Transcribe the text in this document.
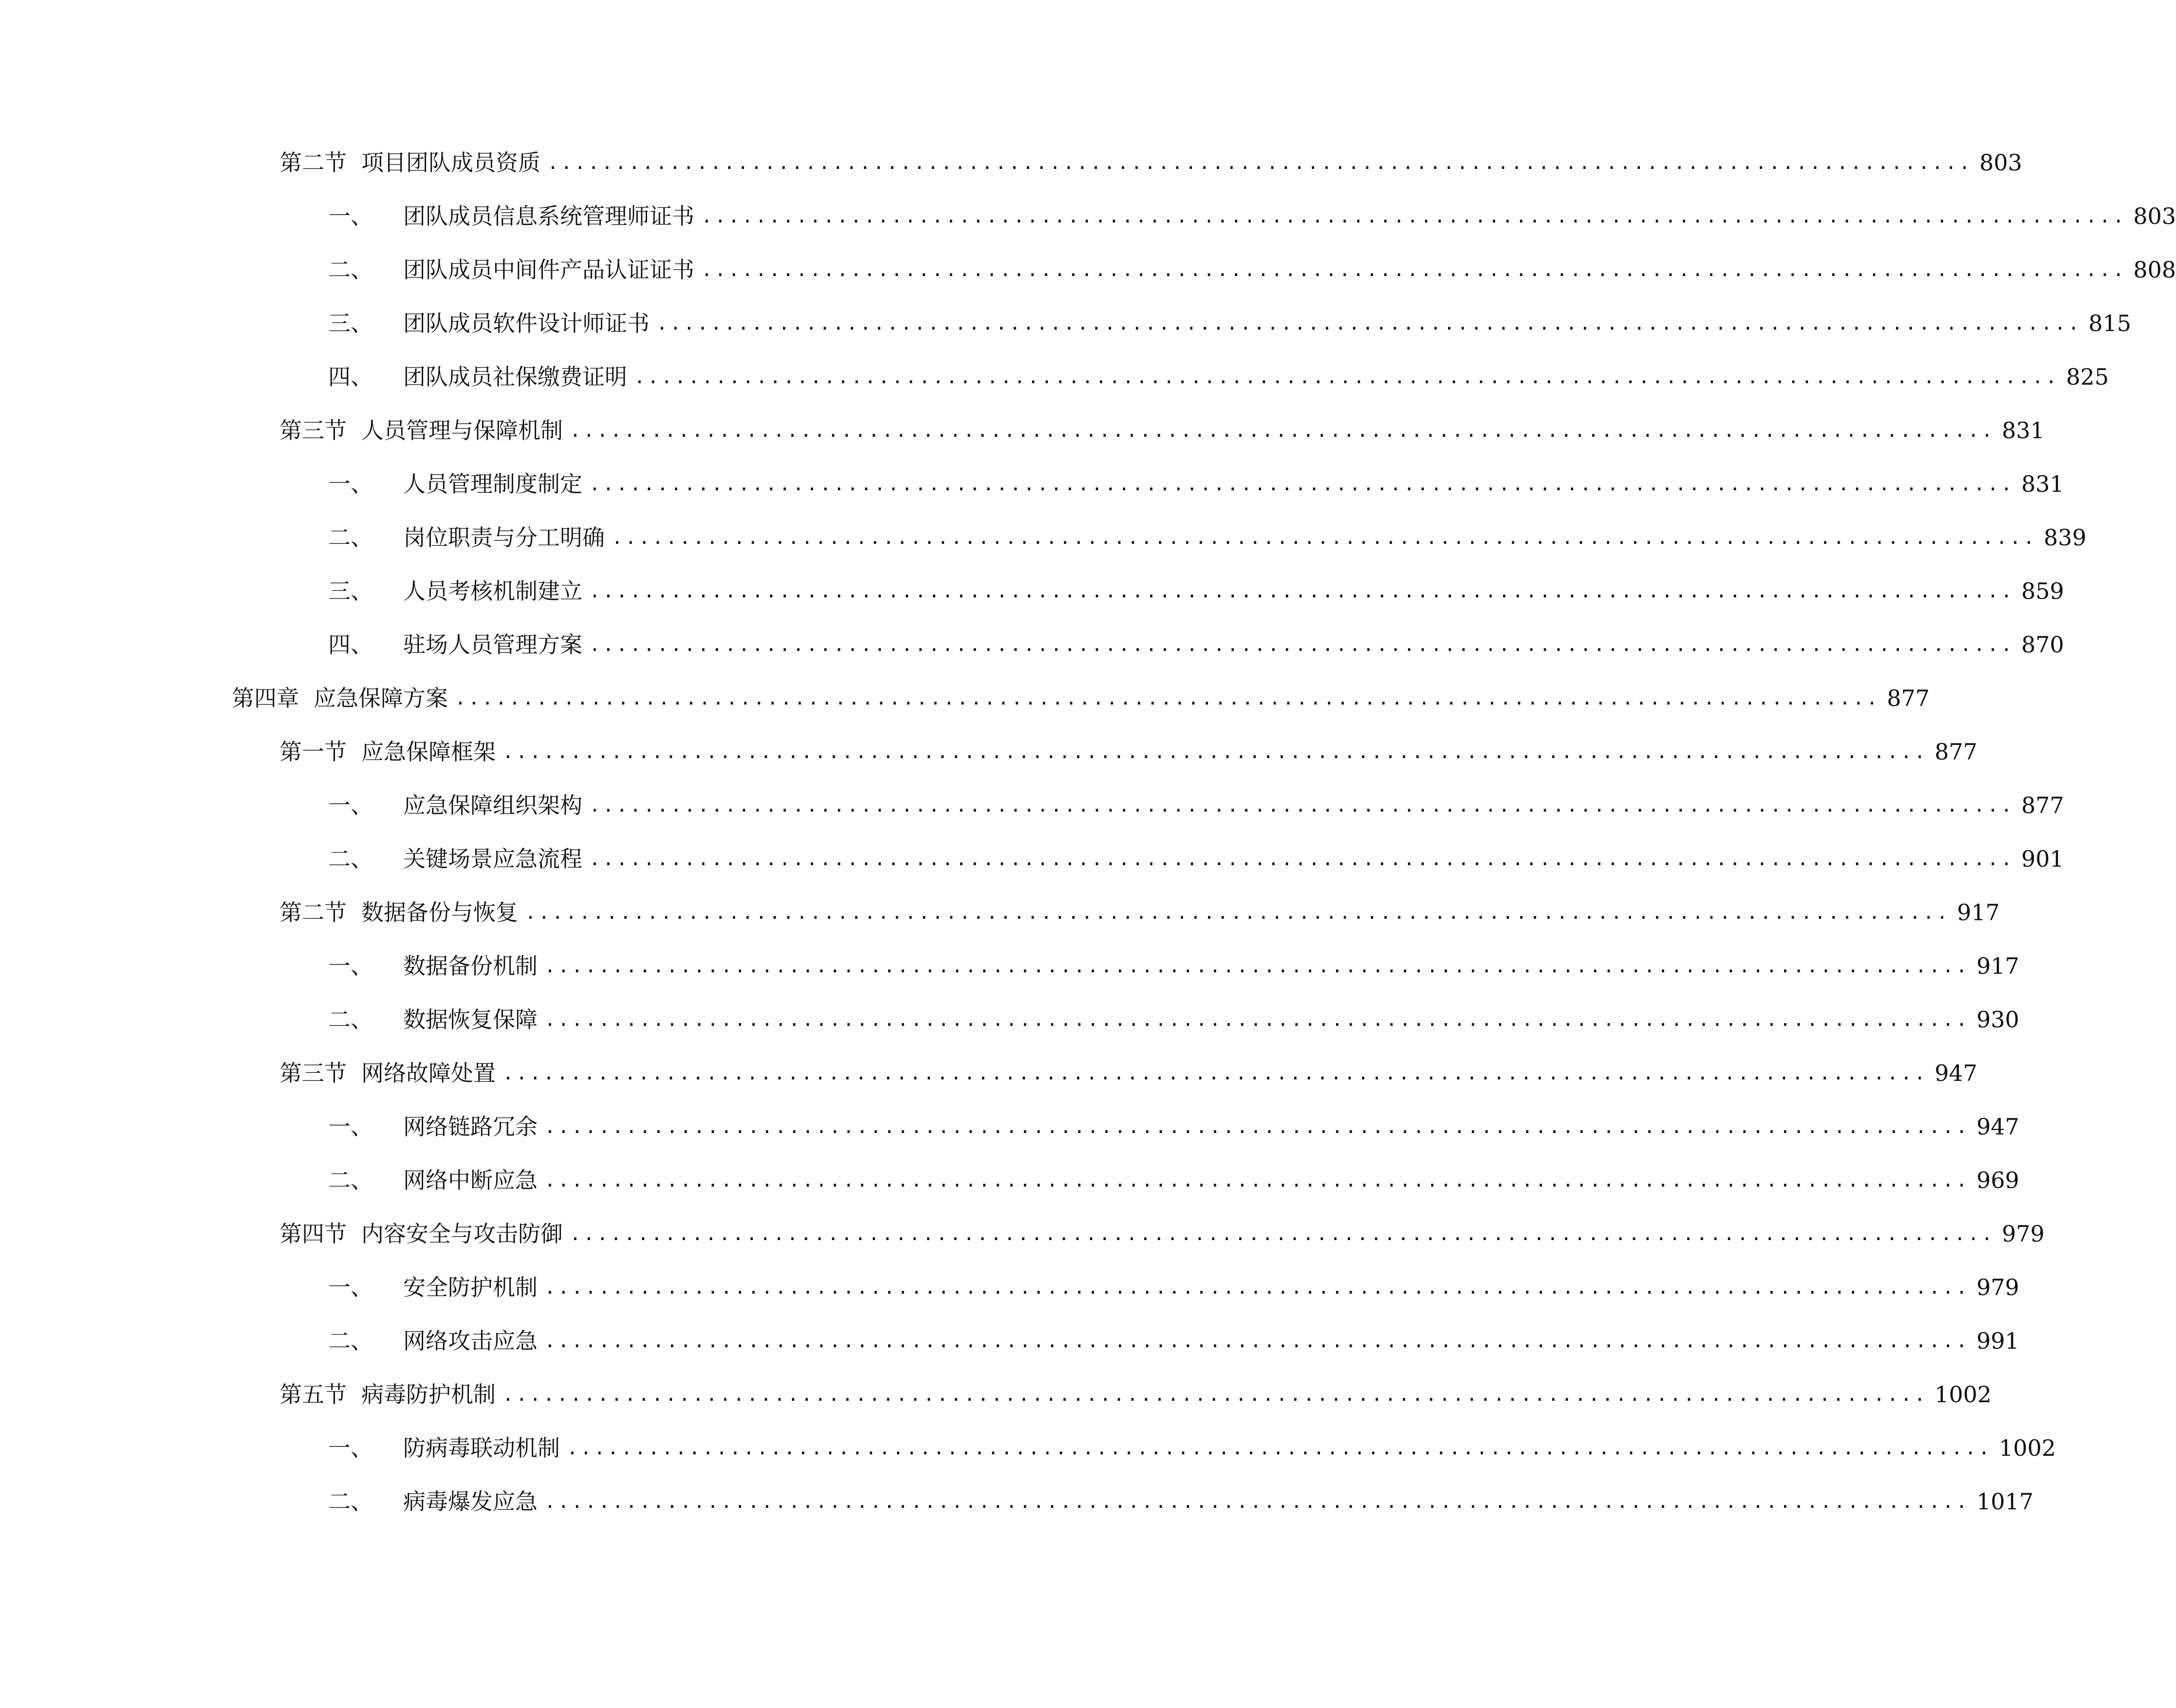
第二节 项目团队成员资质 ......................................................................................................... 803
一、	团队成员信息系统管理师证书 ......................................................................................................... 803
二、	团队成员中间件产品认证证书 ......................................................................................................... 808
三、	团队成员软件设计师证书 ......................................................................................................... 815
四、	团队成员社保缴费证明 ......................................................................................................... 825
第三节 人员管理与保障机制 ......................................................................................................... 831
一、	人员管理制度制定 ......................................................................................................... 831
二、	岗位职责与分工明确 ......................................................................................................... 839
三、	人员考核机制建立 ......................................................................................................... 859
四、	驻场人员管理方案 ......................................................................................................... 870
第四章 应急保障方案 ......................................................................................................... 877
第一节 应急保障框架 ......................................................................................................... 877
一、	应急保障组织架构 ......................................................................................................... 877
二、	关键场景应急流程 ......................................................................................................... 901
第二节 数据备份与恢复 ......................................................................................................... 917
一、	数据备份机制 ......................................................................................................... 917
二、	数据恢复保障 ......................................................................................................... 930
第三节 网络故障处置 ......................................................................................................... 947
一、	网络链路冗余 ......................................................................................................... 947
二、	网络中断应急 ......................................................................................................... 969
第四节 内容安全与攻击防御 ......................................................................................................... 979
一、	安全防护机制 ......................................................................................................... 979
二、	网络攻击应急 ......................................................................................................... 991
第五节 病毒防护机制 ......................................................................................................... 1002
一、	防病毒联动机制 ......................................................................................................... 1002
二、	病毒爆发应急 ......................................................................................................... 1017
